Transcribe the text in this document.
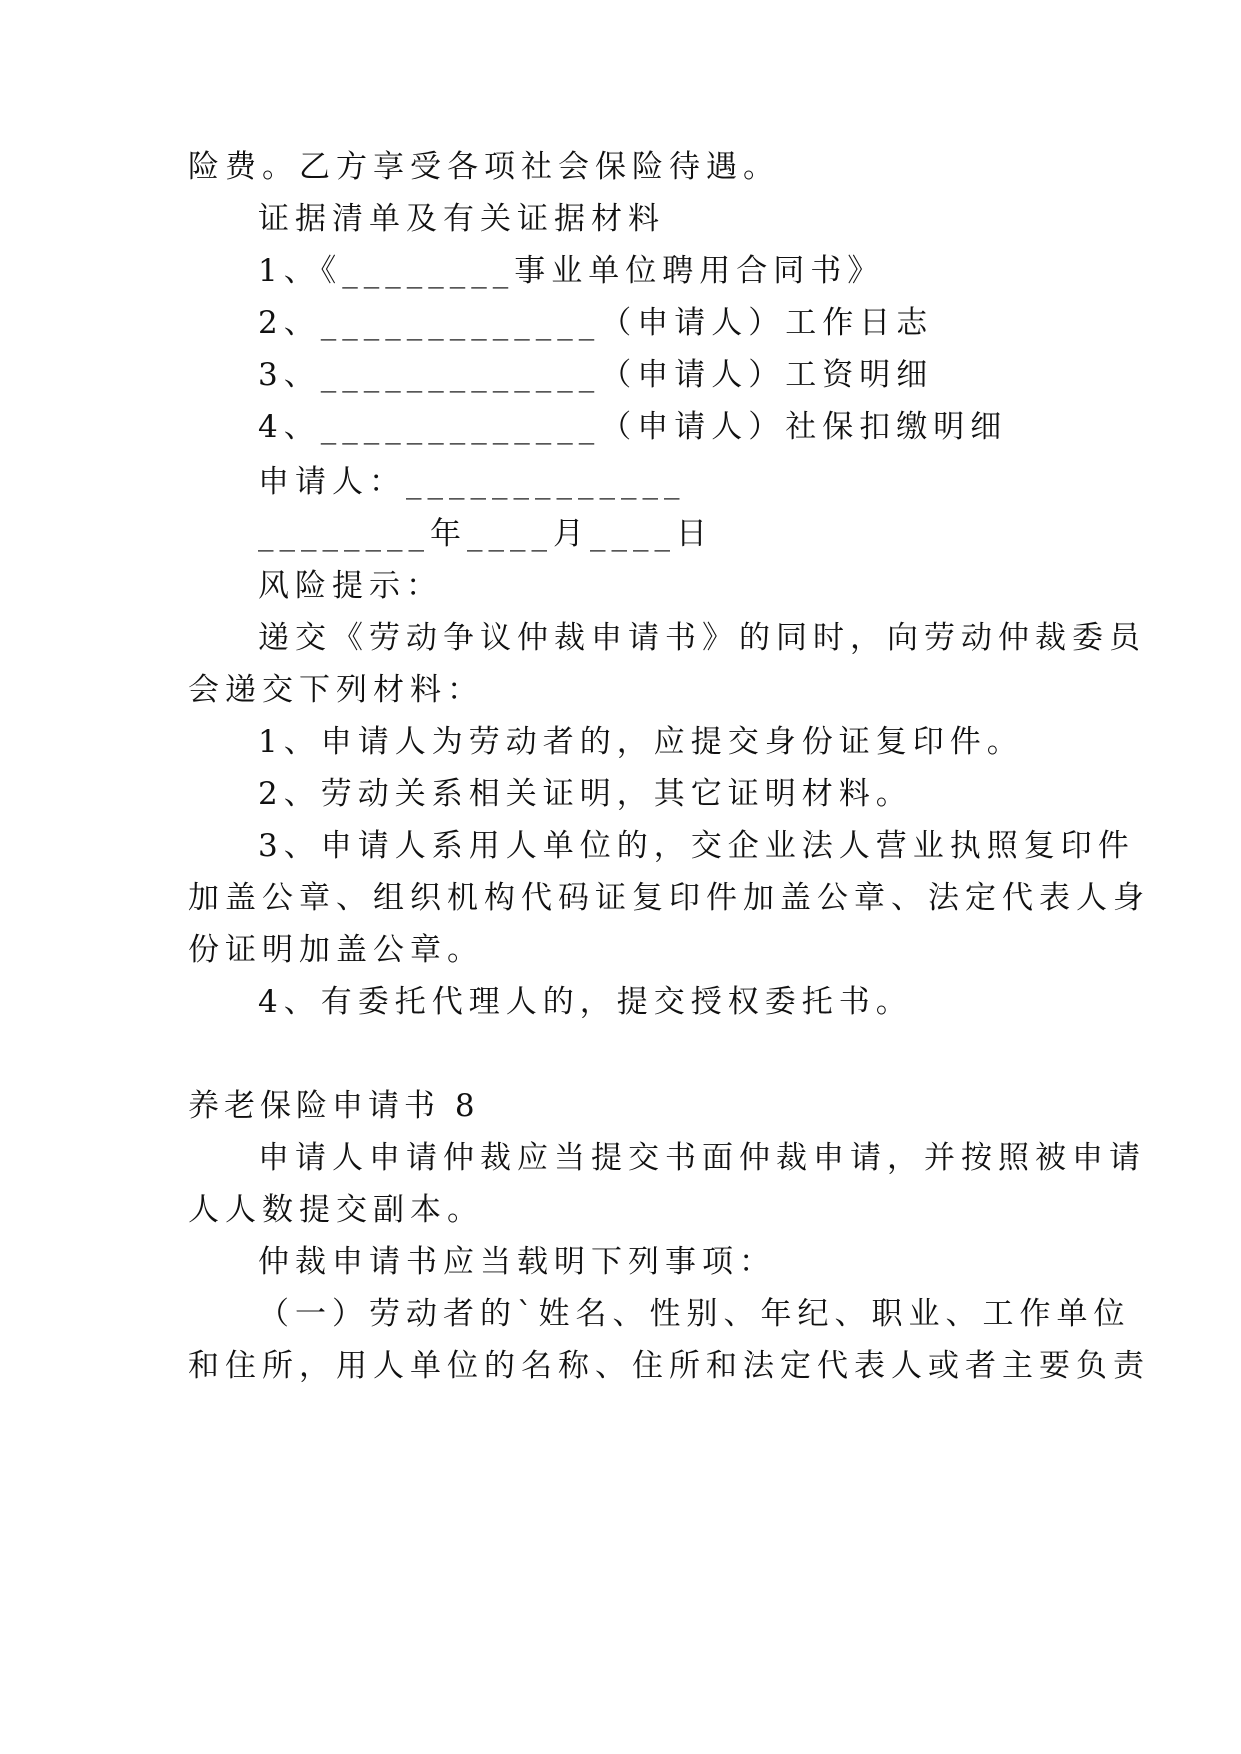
险费。乙方享受各项社会保险待遇。
证据清单及有关证据材料
1、《________事业单位聘用合同书》
2、_____________（申请人）工作日志
3、_____________（申请人）工资明细
4、_____________（申请人）社保扣缴明细
申请人：_____________
________年____月____日
风险提示：
递交《劳动争议仲裁申请书》的同时，向劳动仲裁委员
会递交下列材料：
1、申请人为劳动者的，应提交身份证复印件。
2、劳动关系相关证明，其它证明材料。
3、申请人系用人单位的，交企业法人营业执照复印件
加盖公章、组织机构代码证复印件加盖公章、法定代表人身
份证明加盖公章。
4、有委托代理人的，提交授权委托书。
养老保险申请书 8
申请人申请仲裁应当提交书面仲裁申请，并按照被申请
人人数提交副本。
仲裁申请书应当载明下列事项：
（一）劳动者的`姓名、性别、年纪、职业、工作单位
和住所，用人单位的名称、住所和法定代表人或者主要负责
